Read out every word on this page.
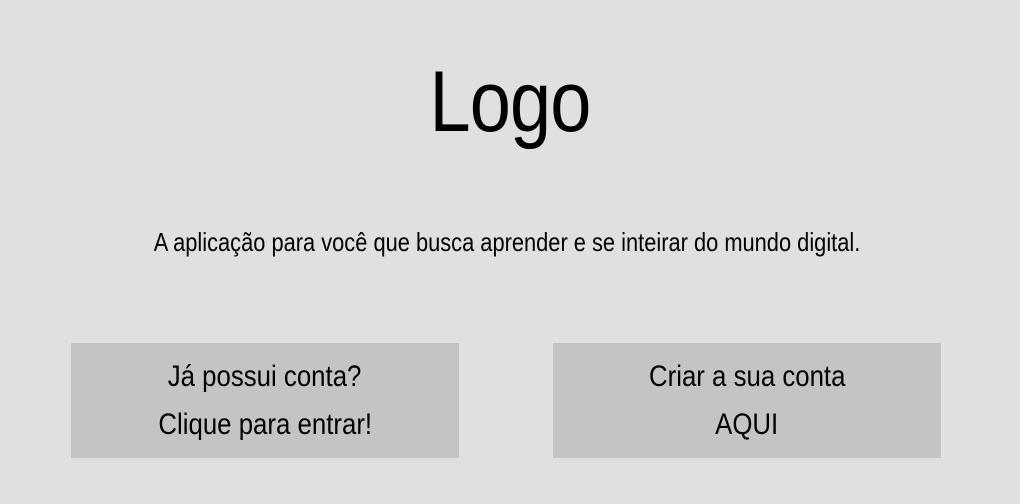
Logo
A aplicação para você que busca aprender e se inteirar do mundo digital.
Já possui conta?
Clique para entrar!
Criar a sua conta
AQUI
